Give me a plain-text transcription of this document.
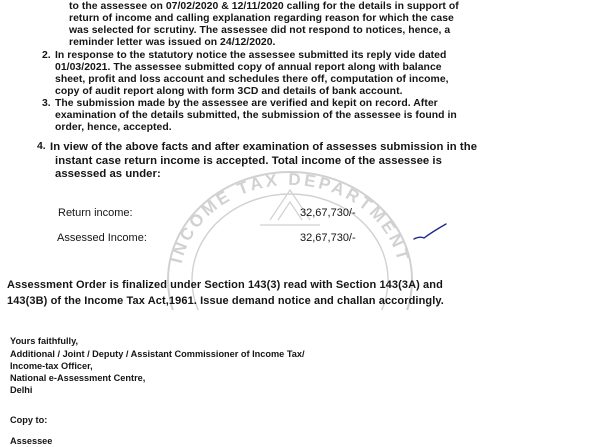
INCOME TAX DEPARTMENT
to the assessee on 07/02/2020 & 12/11/2020 calling for the details in support of
return of income and calling explanation regarding reason for which the case
was selected for scrutiny. The assessee did not respond to notices, hence, a
reminder letter was issued on 24/12/2020.
2. In response to the statutory notice the assessee submitted its reply vide dated
01/03/2021. The assessee submitted copy of annual report along with balance
sheet, profit and loss account and schedules there off, computation of income,
copy of audit report along with form 3CD and details of bank account.
3. The submission made by the assessee are verified and kepit on record. After
examination of the details submitted, the submission of the assessee is found in
order, hence, accepted.
4. In view of the above facts and after examination of assesses submission in the
instant case return income is accepted. Total income of the assessee is
assessed as under:
Return income:	32,67,730/-
Assessed Income:	32,67,730/-
Assessment Order is finalized under Section 143(3) read with Section 143(3A) and
143(3B) of the Income Tax Act,1961. Issue demand notice and challan accordingly.
Yours faithfully,
Additional / Joint / Deputy / Assistant Commissioner of Income Tax/
Income-tax Officer,
National e-Assessment Centre,
Delhi
Copy to:
Assessee
